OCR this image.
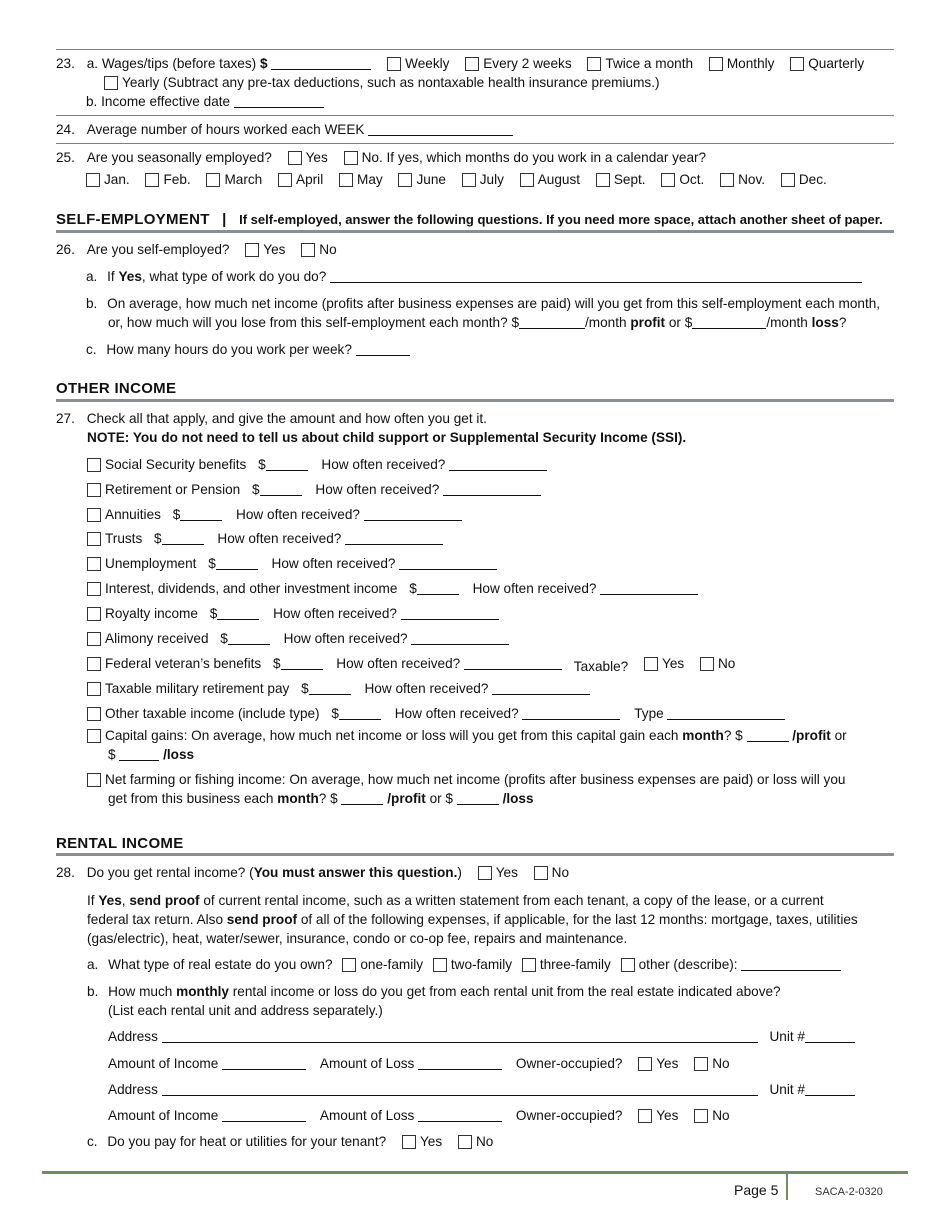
23. a. Wages/tips (before taxes) $	Weekly Every 2 weeks Twice a month Monthly Quarterly
Yearly (Subtract any pre-tax deductions, such as nontaxable health insurance premiums.)
b. Income effective date
24. Average number of hours worked each WEEK
25. Are you seasonally employed? Yes No. If yes, which months do you work in a calendar year?
Jan. Feb. March April May June July August Sept. Oct. Nov. Dec.
SELF-EMPLOYMENT | If self-employed, answer the following questions. If you need more space, attach another sheet of paper.
26. Are you self-employed? Yes No
a. If Yes, what type of work do you do?
b. On average, how much net income (profits after business expenses are paid) will you get from this self-employment each month,
or, how much will you lose from this self-employment each month? $	/month profit or $	/month loss?
c. How many hours do you work per week?
OTHER INCOME
27. Check all that apply, and give the amount and how often you get it.
NOTE: You do not need to tell us about child support or Supplemental Security Income (SSI).
Social Security benefits $	How often received?
Retirement or Pension $	How often received?
Annuities $	How often received?
Trusts $	How often received?
Unemployment $	How often received?
Interest, dividends, and other investment income $	How often received?
Royalty income $	How often received?
Alimony received $	How often received?
Federal veteran’s benefits $	How often received?	Taxable? Yes No
Taxable military retirement pay $	How often received?
Other taxable income (include type) $	How often received?	Type
Capital gains: On average, how much net income or loss will you get from this capital gain each month? $	/profit or
$	/loss
Net farming or fishing income: On average, how much net income (profits after business expenses are paid) or loss will you
get from this business each month? $	/profit or $	/loss
RENTAL INCOME
28. Do you get rental income? (You must answer this question.) Yes No
If Yes, send proof of current rental income, such as a written statement from each tenant, a copy of the lease, or a current
federal tax return. Also send proof of all of the following expenses, if applicable, for the last 12 months: mortgage, taxes, utilities
(gas/electric), heat, water/sewer, insurance, condo or co-op fee, repairs and maintenance.
a. What type of real estate do you own? one-family two-family three-family other (describe):
b. How much monthly rental income or loss do you get from each rental unit from the real estate indicated above?
(List each rental unit and address separately.)
Address	Unit #
Amount of Income	Amount of Loss	Owner-occupied? Yes No
Address	Unit #
Amount of Income	Amount of Loss	Owner-occupied? Yes No
c. Do you pay for heat or utilities for your tenant? Yes No
Page 5	SACA-2-0320
